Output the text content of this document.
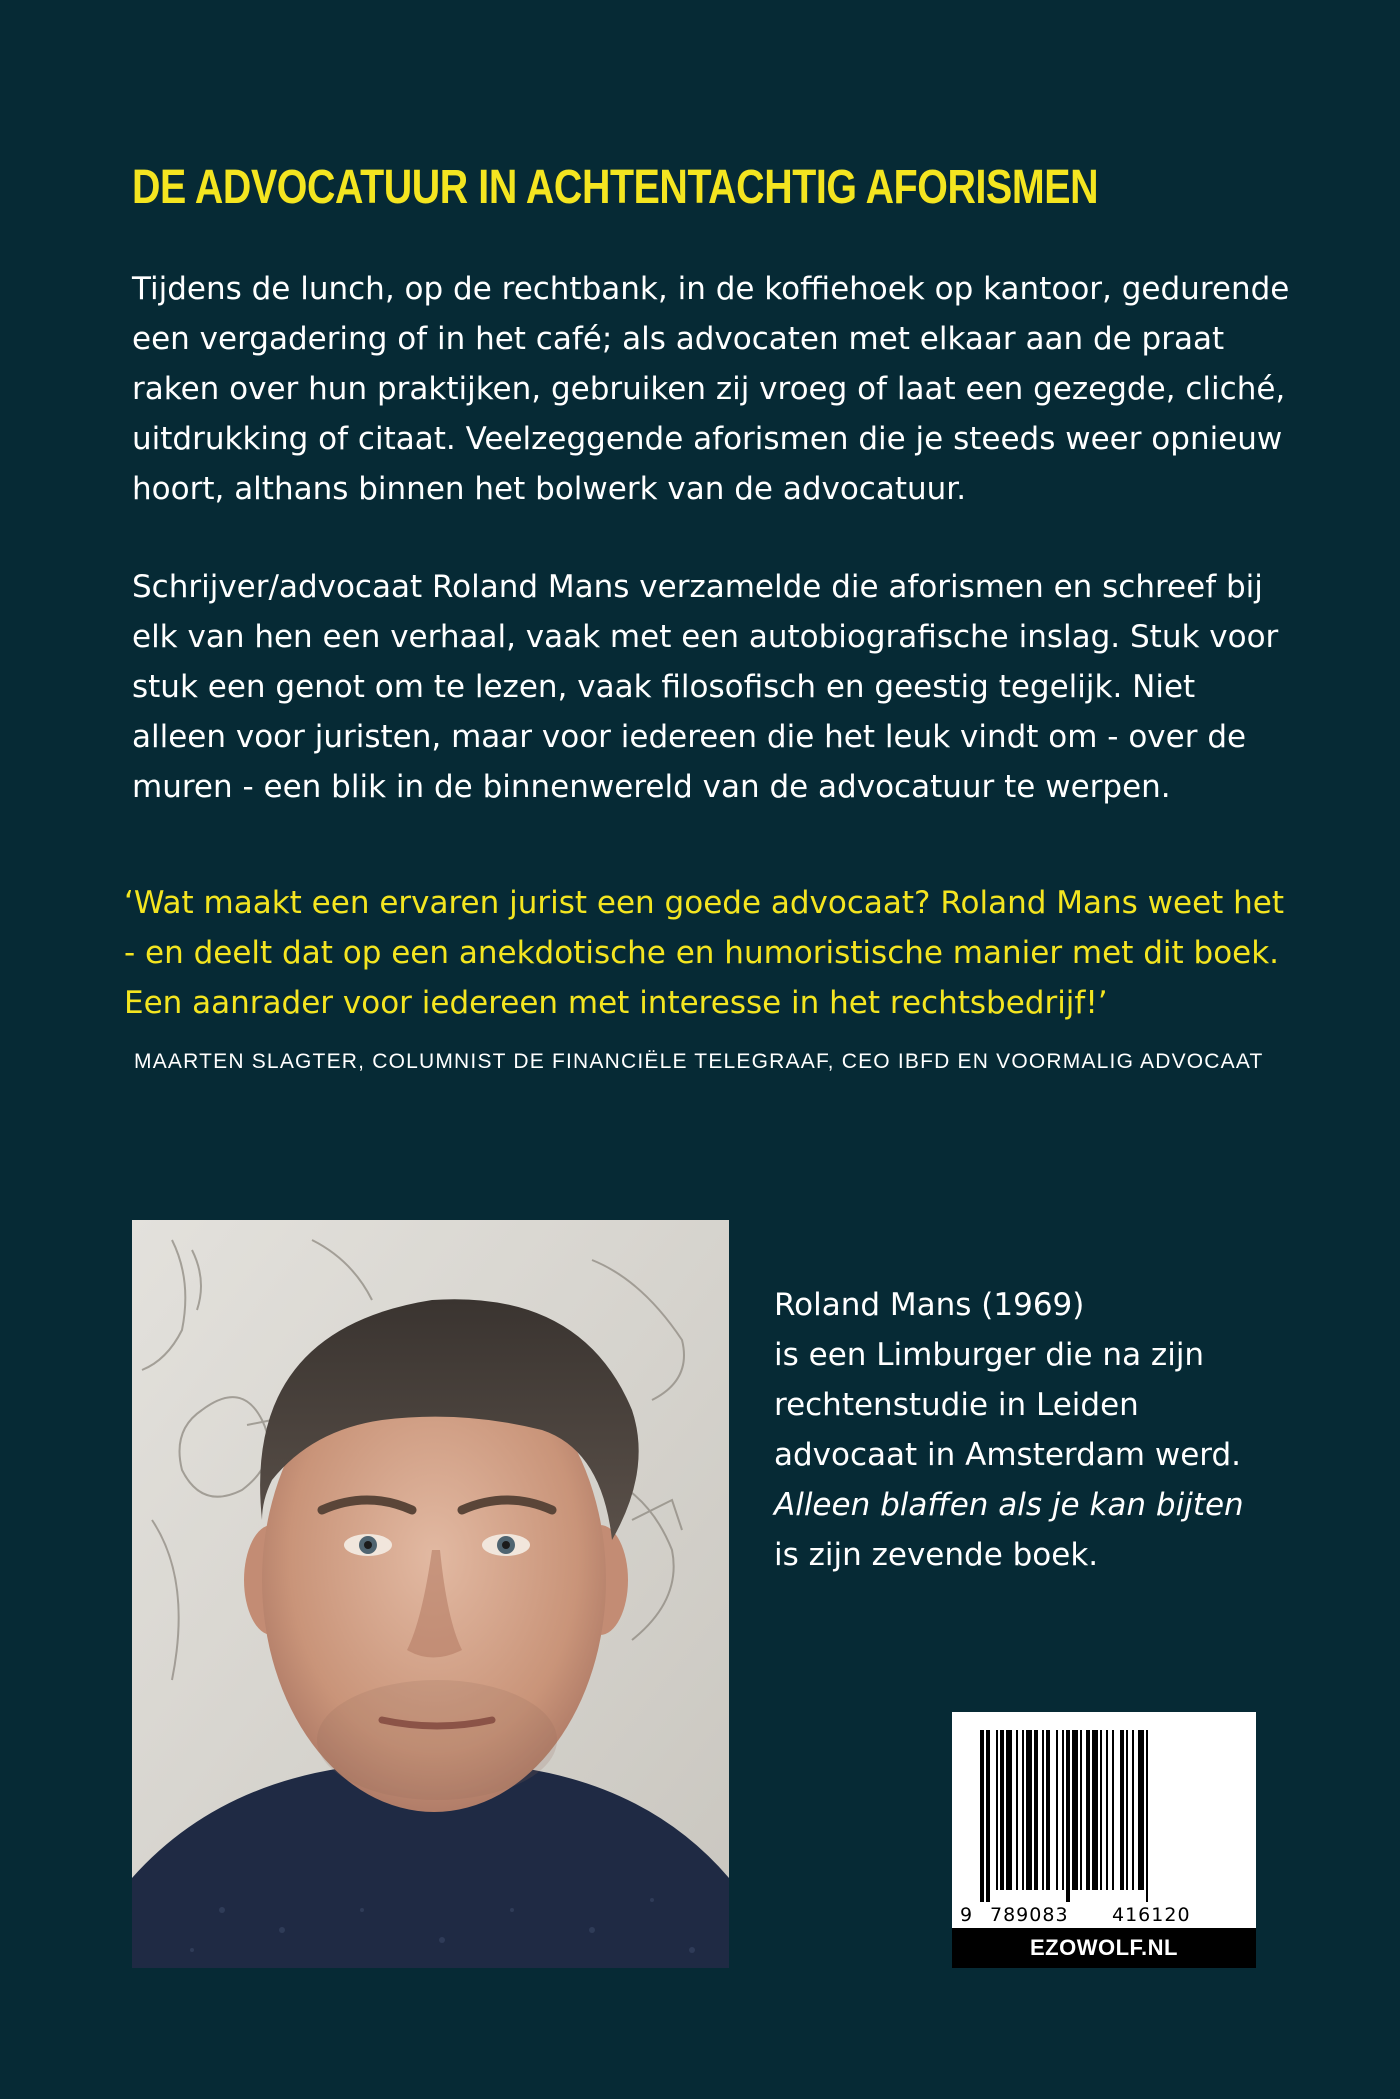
DE ADVOCATUUR IN ACHTENTACHTIG AFORISMEN

Tijdens de lunch, op de rechtbank, in de koffiehoek op kantoor, gedurende een vergadering of in het café; als advocaten met elkaar aan de praat raken over hun praktijken, gebruiken zij vroeg of laat een gezegde, cliché, uitdrukking of citaat. Veelzeggende aforismen die je steeds weer opnieuw hoort, althans binnen het bolwerk van de advocatuur.

Schrijver/advocaat Roland Mans verzamelde die aforismen en schreef bij elk van hen een verhaal, vaak met een autobiografische inslag. Stuk voor stuk een genot om te lezen, vaak filosofisch en geestig tegelijk. Niet alleen voor juristen, maar voor iedereen die het leuk vindt om - over de muren - een blik in de binnenwereld van de advocatuur te werpen.

‘Wat maakt een ervaren jurist een goede advocaat? Roland Mans weet het - en deelt dat op een anekdotische en humoristische manier met dit boek. Een aanrader voor iedereen met interesse in het rechtsbedrijf!’

MAARTEN SLAGTER, COLUMNIST DE FINANCIËLE TELEGRAAF, CEO IBFD EN VOORMALIG ADVOCAAT

Roland Mans (1969)
is een Limburger die na zijn
rechtenstudie in Leiden
advocaat in Amsterdam werd.
Alleen blaffen als je kan bijten
is zijn zevende boek.
9 789083 416120
EZOWOLF.NL
